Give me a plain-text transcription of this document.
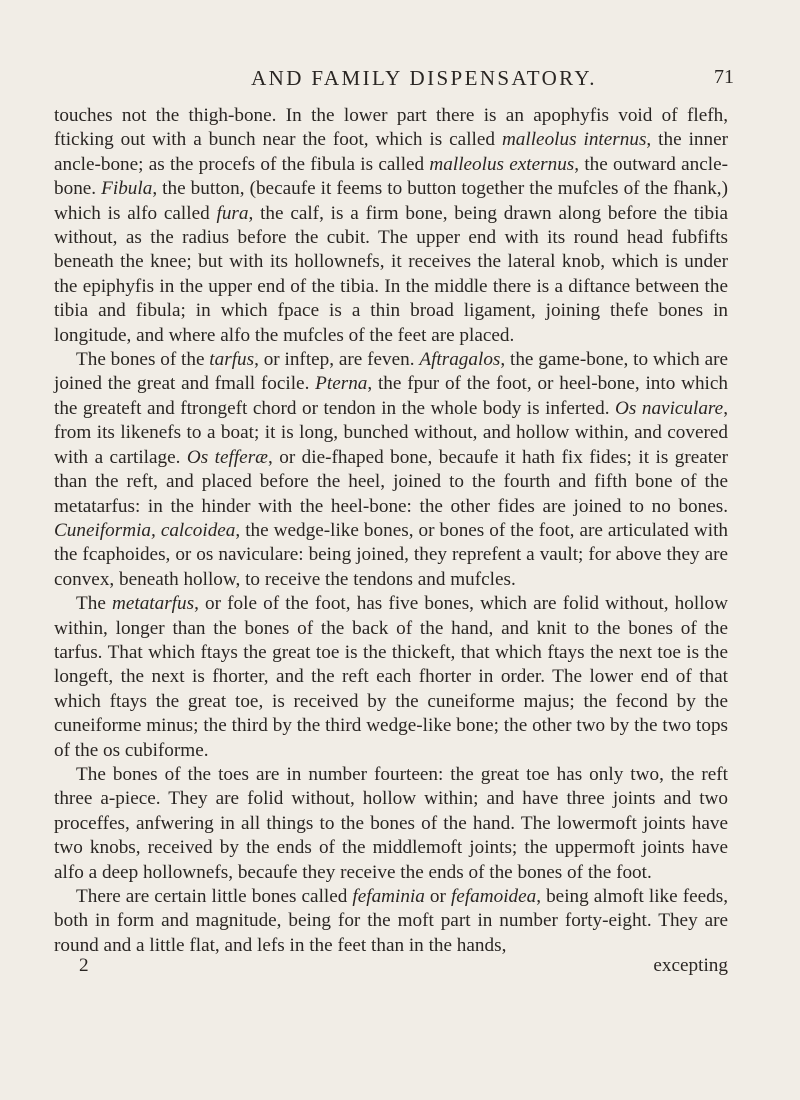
AND FAMILY DISPENSATORY.	71

touches not the thigh-bone. In the lower part there is an apophyfis void of flefh, fticking out with a bunch near the foot, which is called malleolus internus, the inner ancle-bone; as the procefs of the fibula is called malleolus externus, the outward ancle-bone. Fibula, the button, (becaufe it feems to button together the mufcles of the fhank,) which is alfo called fura, the calf, is a firm bone, being drawn along before the tibia without, as the radius before the cubit. The upper end with its round head fubfifts beneath the knee; but with its hollownefs, it receives the lateral knob, which is under the epiphyfis in the upper end of the tibia. In the middle there is a diftance between the tibia and fibula; in which fpace is a thin broad ligament, joining thefe bones in longitude, and where alfo the mufcles of the feet are placed.

The bones of the tarfus, or inftep, are feven. Aftragalos, the game-bone, to which are joined the great and fmall focile. Pterna, the fpur of the foot, or heel-bone, into which the greateft and ftrongeft chord or tendon in the whole body is inferted. Os naviculare, from its likenefs to a boat; it is long, bunched without, and hollow within, and covered with a cartilage. Os tefferæ, or die-fhaped bone, becaufe it hath fix fides; it is greater than the reft, and placed before the heel, joined to the fourth and fifth bone of the metatarfus: in the hinder with the heel-bone: the other fides are joined to no bones. Cuneiformia, calcoidea, the wedge-like bones, or bones of the foot, are articulated with the fcaphoides, or os naviculare: being joined, they reprefent a vault; for above they are convex, beneath hollow, to receive the tendons and mufcles.

The metatarfus, or fole of the foot, has five bones, which are folid without, hollow within, longer than the bones of the back of the hand, and knit to the bones of the tarfus. That which ftays the great toe is the thickeft, that which ftays the next toe is the longeft, the next is fhorter, and the reft each fhorter in order. The lower end of that which ftays the great toe, is received by the cuneiforme majus; the fecond by the cuneiforme minus; the third by the third wedge-like bone; the other two by the two tops of the os cubiforme.

The bones of the toes are in number fourteen: the great toe has only two, the reft three a-piece. They are folid without, hollow within; and have three joints and two proceffes, anfwering in all things to the bones of the hand. The lowermoft joints have two knobs, received by the ends of the middlemoft joints; the uppermoft joints have alfo a deep hollownefs, becaufe they receive the ends of the bones of the foot.

There are certain little bones called fefaminia or fefamoidea, being almoft like feeds, both in form and magnitude, being for the moft part in number forty-eight. They are round and a little flat, and lefs in the feet than in the hands,

2	excepting
